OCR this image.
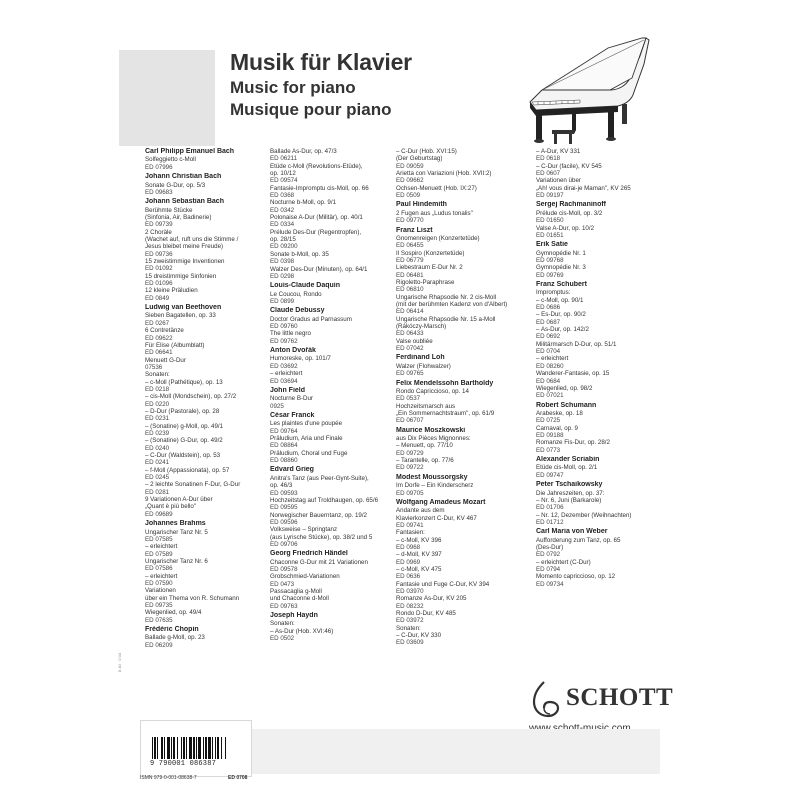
Musik für Klavier
Music for piano
Musique pour piano
Carl Philipp Emanuel Bach
Solfeggietto c-Moll
ED 07996
Johann Christian Bach
Sonate G-Dur, op. 5/3
ED 09683
Johann Sebastian Bach
Berühmte Stücke
(Sinfonia, Air, Badinerie)
ED 09739
2 Choräle
(Wachet auf, ruft uns die Stimme /
Jesus bleibet meine Freude)
ED 09736
15 zweistimmige Inventionen
ED 01092
15 dreistimmige Sinfonien
ED 01096
12 kleine Präludien
ED 0849
Ludwig van Beethoven
Sieben Bagatellen, op. 33
ED 0267
6 Contretänze
ED 09622
Für Elise (Albumblatt)
ED 06641
Menuett G-Dur
07536
Sonaten:
– c-Moll (Pathétique), op. 13
ED 0218
– cis-Moll (Mondschein), op. 27/2
ED 0220
– D-Dur (Pastorale), op. 28
ED 0231
– (Sonatine) g-Moll, op. 49/1
ED 0239
– (Sonatine) G-Dur, op. 49/2
ED 0240
– C-Dur (Waldstein), op. 53
ED 0241
– f-Moll (Appassionata), op. 57
ED 0245
– 2 leichte Sonatinen F-Dur, G-Dur
ED 0281
9 Variationen A-Dur über
„Quant è più bello"
ED 09689
Johannes Brahms
Ungarischer Tanz Nr. 5
ED 07585
– erleichtert
ED 07589
Ungarischer Tanz Nr. 6
ED 07586
– erleichtert
ED 07590
Variationen
über ein Thema von R. Schumann
ED 09735
Wiegenlied, op. 49/4
ED 07635
Frédéric Chopin
Ballade g-Moll, op. 23
ED 06209
Ballade As-Dur, op. 47/3
ED 06211
Etüde c-Moll (Revolutions-Etüde),
op. 10/12
ED 09574
Fantasie-Impromptu cis-Moll, op. 66
ED 0368
Nocturne b-Moll, op. 9/1
ED 0342
Polonaise A-Dur (Militär), op. 40/1
ED 0334
Prélude Des-Dur (Regentropfen),
op. 28/15
ED 09200
Sonate b-Moll, op. 35
ED 0398
Walzer Des-Dur (Minuten), op. 64/1
ED 0298
Louis-Claude Daquin
Le Coucou, Rondo
ED 0899
Claude Debussy
Doctor Gradus ad Parnassum
ED 09760
The little negro
ED 09762
Anton Dvořák
Humoreske, op. 101/7
ED 03692
– erleichtert
ED 03694
John Field
Nocturne B-Dur
0925
César Franck
Les plaintes d'une poupée
ED 09764
Präludium, Aria und Finale
ED 08864
Präludium, Choral und Fuge
ED 08860
Edvard Grieg
Anitra's Tanz (aus Peer-Gynt-Suite),
op. 46/3
ED 09593
Hochzeitstag auf Troldhaugen, op. 65/6
ED 09595
Norwegischer Bauerntanz, op. 19/2
ED 09596
Volksweise – Springtanz
(aus Lyrische Stücke), op. 38/2 und 5
ED 09706
Georg Friedrich Händel
Chaconne G-Dur mit 21 Variationen
ED 09578
Grobschmied-Variationen
ED 0473
Passacaglia g-Moll
und Chaconne d-Moll
ED 09763
Joseph Haydn
Sonaten:
– As-Dur (Hob. XVI:46)
ED 0502
– C-Dur (Hob. XVI:15)
(Der Geburtstag)
ED 09059
Arietta con Variazioni (Hob. XVII:2)
ED 09662
Ochsen-Menuett (Hob. IX:27)
ED 0509
Paul Hindemith
2 Fugen aus „Ludus tonalis"
ED 09770
Franz Liszt
Gnomenreigen (Konzertetüde)
ED 06455
Il Sospiro (Konzertetüde)
ED 06779
Liebestraum E-Dur Nr. 2
ED 06481
Rigoletto-Paraphrase
ED 06810
Ungarische Rhapsodie Nr. 2 cis-Moll
(mit der berühmten Kadenz von d'Albert)
ED 06414
Ungarische Rhapsodie Nr. 15 a-Moll
(Rákóczy-Marsch)
ED 06433
Valse oubliée
ED 07042
Ferdinand Loh
Walzer (Flohwalzer)
ED 09765
Felix Mendelssohn Bartholdy
Rondo Capriccioso, op. 14
ED 0537
Hochzeitsmarsch aus
„Ein Sommernachtstraum", op. 61/9
ED 06707
Maurice Moszkowski
aus Dix Pièces Mignonnes:
– Menuett, op. 77/10
ED 09729
– Tarantelle, op. 77/6
ED 09722
Modest Moussorgsky
Im Dorfe – Ein Kinderscherz
ED 09705
Wolfgang Amadeus Mozart
Andante aus dem
Klavierkonzert C-Dur, KV 467
ED 09741
Fantasien:
– c-Moll, KV 396
ED 0968
– d-Moll, KV 397
ED 0969
– c-Moll, KV 475
ED 0636
Fantasie und Fuge C-Dur, KV 394
ED 03970
Romanze As-Dur, KV 205
ED 08232
Rondo D-Dur, KV 485
ED 03972
Sonaten:
– C-Dur, KV 330
ED 03609
– A-Dur, KV 331
ED 0618
– C-Dur (facile), KV 545
ED 0607
Variationen über
„Ah! vous dirai-je Maman", KV 265
ED 09197
Sergej Rachmaninoff
Prélude cis-Moll, op. 3/2
ED 01650
Valse A-Dur, op. 10/2
ED 01651
Erik Satie
Gymnopédie Nr. 1
ED 09768
Gymnopédie Nr. 3
ED 09769
Franz Schubert
Impromptus:
– c-Moll, op. 90/1
ED 0686
– Es-Dur, op. 90/2
ED 0687
– As-Dur, op. 142/2
ED 0692
Militärmarsch D-Dur, op. 51/1
ED 0704
– erleichtert
ED 08260
Wanderer-Fantasie, op. 15
ED 0684
Wiegenlied, op. 98/2
ED 07021
Robert Schumann
Arabeske, op. 18
ED 0725
Carnaval, op. 9
ED 09188
Romanze Fis-Dur, op. 28/2
ED 0773
Alexander Scriabin
Etüde cis-Moll, op. 2/1
ED 09747
Peter Tschaikowsky
Die Jahreszeiten, op. 37:
– Nr. 6, Juni (Barkarole)
ED 01706
– Nr. 12, Dezember (Weihnachten)
ED 01712
Carl Maria von Weber
Aufforderung zum Tanz, op. 65
(Des-Dur)
ED 0792
– erleichtert (C-Dur)
ED 0794
Momento capriccioso, op. 12
ED 09734
8 40 · 0 04
SCHOTT
9 790001 086387
ISMN 979-0-001-08638-7	ED 0708
